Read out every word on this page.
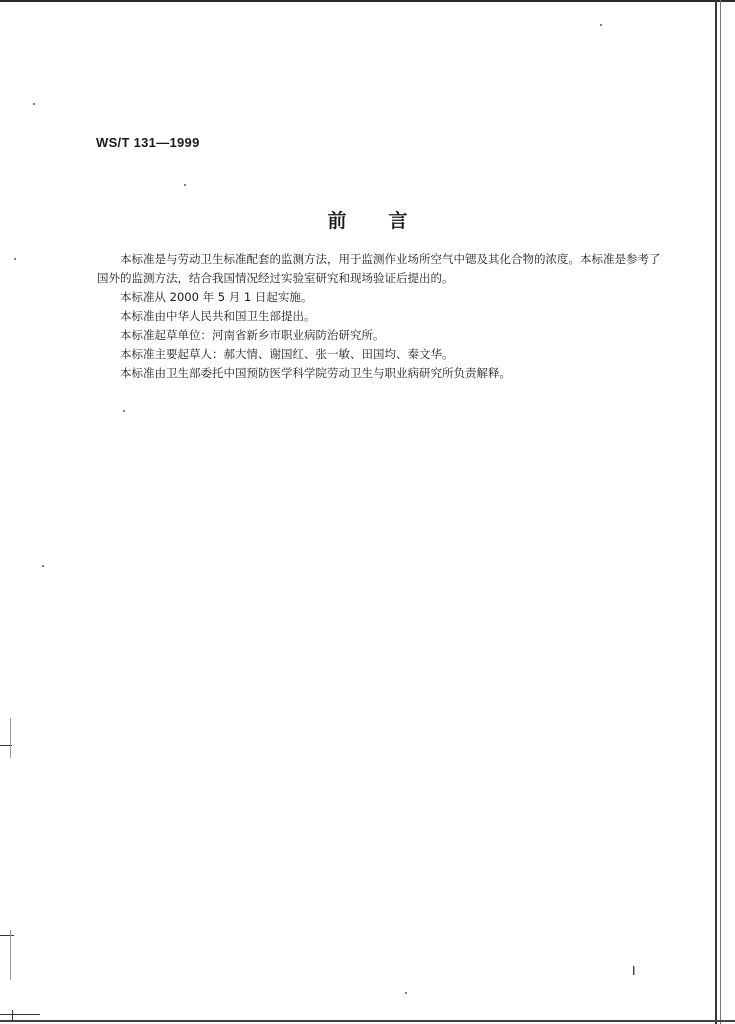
WS/T 131—1999
前言

本标准是与劳动卫生标准配套的监测方法，用于监测作业场所空气中锶及其化合物的浓度。本标准是参考了国外的监测方法，结合我国情况经过实验室研究和现场验证后提出的。

本标准从 2000 年 5 月 1 日起实施。

本标准由中华人民共和国卫生部提出。

本标准起草单位：河南省新乡市职业病防治研究所。

本标准主要起草人：郝大情、谢国红、张一敏、田国均、秦文华。

本标准由卫生部委托中国预防医学科学院劳动卫生与职业病研究所负责解释。

I
